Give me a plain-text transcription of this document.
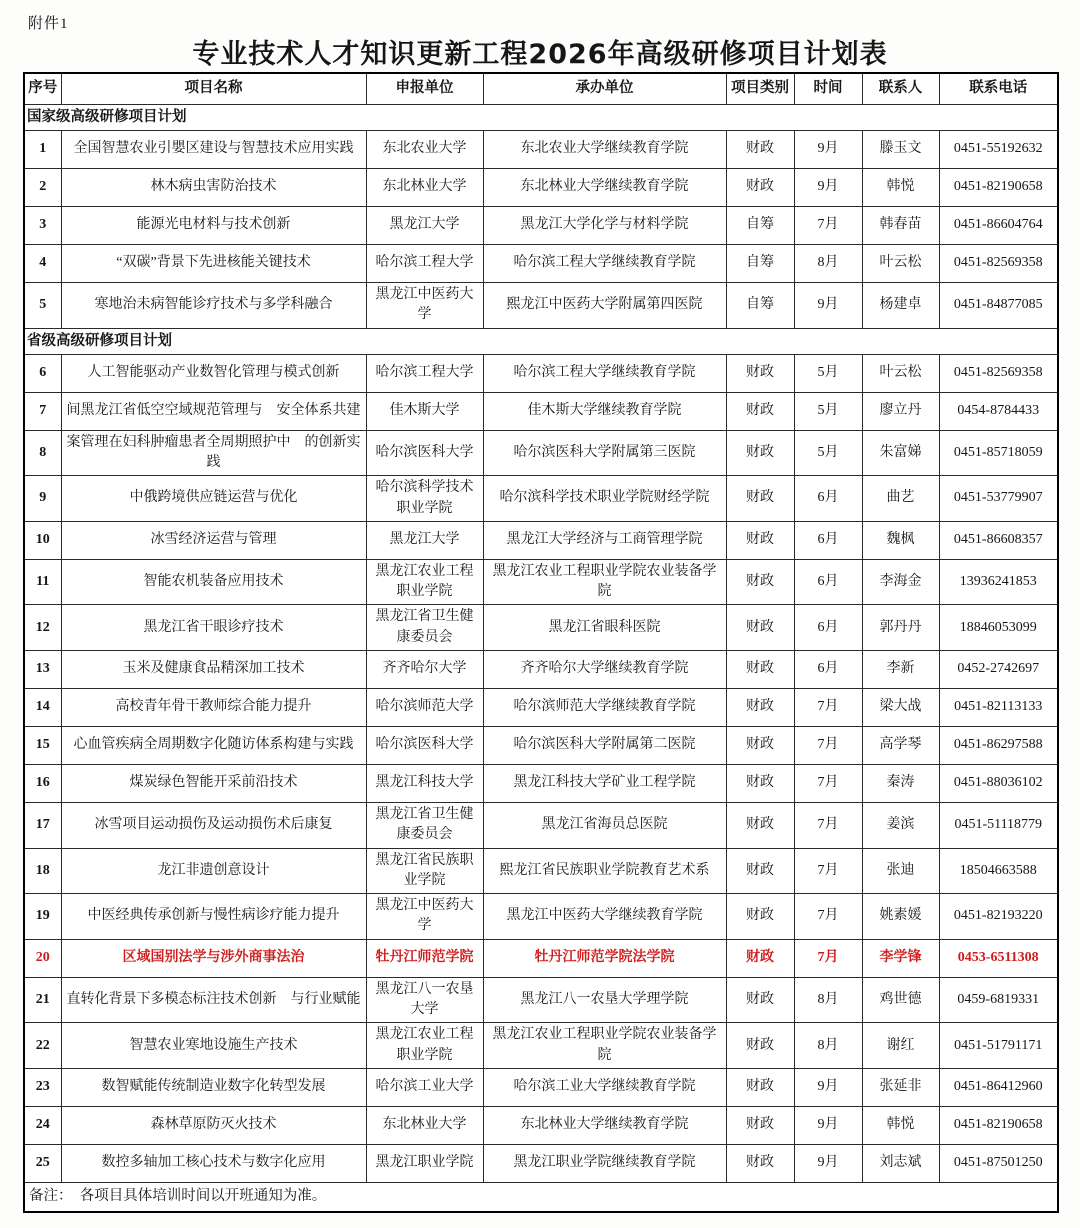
附件1
专业技术人才知识更新工程2026年高级研修项目计划表
序号	项目名称	申报单位	承办单位	项目类别	时间	联系人	联系电话
国家级高级研修项目计划							
1	全国智慧农业引嬰区建设与智慧技术应用实践	东北农业大学	东北农业大学继续教育学院	财政	9月	滕玉文	0451-55192632
2	林木病虫害防治技术	东北林业大学	东北林业大学继续教育学院	财政	9月	韩悦	0451-82190658
3	能源光电材料与技术创新	黑龙江大学	黑龙江大学化学与材料学院	自筹	7月	韩春苗	0451-86604764
4	“双碳”背景下先进核能关键技术	哈尔滨工程大学	哈尔滨工程大学继续教育学院	自筹	8月	叶云松	0451-82569358
5	寒地治未病智能诊疗技术与多学科融合	黑龙江中医药大学	熙龙江中医药大学附属第四医院	自筹	9月	杨建卓	0451-84877085
省级高级研修项目计划							
6	人工智能驱动产业数智化管理与模式创新	哈尔滨工程大学	哈尔滨工程大学继续教育学院	财政	5月	叶云松	0451-82569358
7	间黑龙江省低空空域规范管理与　安全体系共建	佳木斯大学	佳木斯大学继续教育学院	财政	5月	廖立丹	0454-8784433
8	案管理在妇科肿瘤患者全周期照护中　的创新实践	哈尔滨医科大学	哈尔滨医科大学附属第三医院	财政	5月	朱富娣	0451-85718059
9	中俄跨境供应链运营与优化	哈尔滨科学技术职业学院	哈尔滨科学技术职业学院财经学院	财政	6月	曲艺	0451-53779907
10	冰雪经济运营与管理	黑龙江大学	黑龙江大学经济与工商管理学院	财政	6月	魏枫	0451-86608357
11	智能农机装备应用技术	黑龙江农业工程职业学院	黑龙江农业工程职业学院农业装备学院	财政	6月	李海金	13936241853
12	黑龙江省干眼诊疗技术	黑龙江省卫生健康委员会	黑龙江省眼科医院	财政	6月	郭丹丹	18846053099
13	玉米及健康食品精深加工技术	齐齐哈尔大学	齐齐哈尔大学继续教育学院	财政	6月	李新	0452-2742697
14	高校青年骨干教师综合能力提升	哈尔滨师范大学	哈尔滨师范大学继续教育学院	财政	7月	梁大战	0451-82113133
15	心血管疾病全周期数字化随访体系构建与实践	哈尔滨医科大学	哈尔滨医科大学附属第二医院	财政	7月	高学琴	0451-86297588
16	煤炭绿色智能开采前沿技术	黑龙江科技大学	黑龙江科技大学矿业工程学院	财政	7月	秦涛	0451-88036102
17	冰雪项目运动损伤及运动损伤术后康复	黑龙江省卫生健康委员会	黑龙江省海员总医院	财政	7月	姜滨	0451-51118779
18	龙江非遗创意设计	黑龙江省民族职业学院	熙龙江省民族职业学院教育艺术系	财政	7月	张迪	18504663588
19	中医经典传承创新与慢性病诊疗能力提升	黑龙江中医药大学	黑龙江中医药大学继续教育学院	财政	7月	姚素媛	0451-82193220
20	区域国别法学与涉外商事法治	牡丹江师范学院	牡丹江师范学院法学院	财政	7月	李学锋	0453-6511308
21	直转化背景下多模态标注技术创新　与行业赋能	黑龙江八一农垦大学	黑龙江八一农垦大学理学院	财政	8月	鸡世德	0459-6819331
22	智慧农业寒地设施生产技术	黑龙江农业工程职业学院	黑龙江农业工程职业学院农业装备学院	财政	8月	谢红	0451-51791171
23	数智赋能传统制造业数字化转型发展	哈尔滨工业大学	哈尔滨工业大学继续教育学院	财政	9月	张延非	0451-86412960
24	森林草原防灭火技术	东北林业大学	东北林业大学继续教育学院	财政	9月	韩悦	0451-82190658
25	数控多轴加工核心技术与数字化应用	黑龙江职业学院	黑龙江职业学院继续教育学院	财政	9月	刘志斌	0451-87501250
备注：　各项目具体培训时间以开班通知为准。							
